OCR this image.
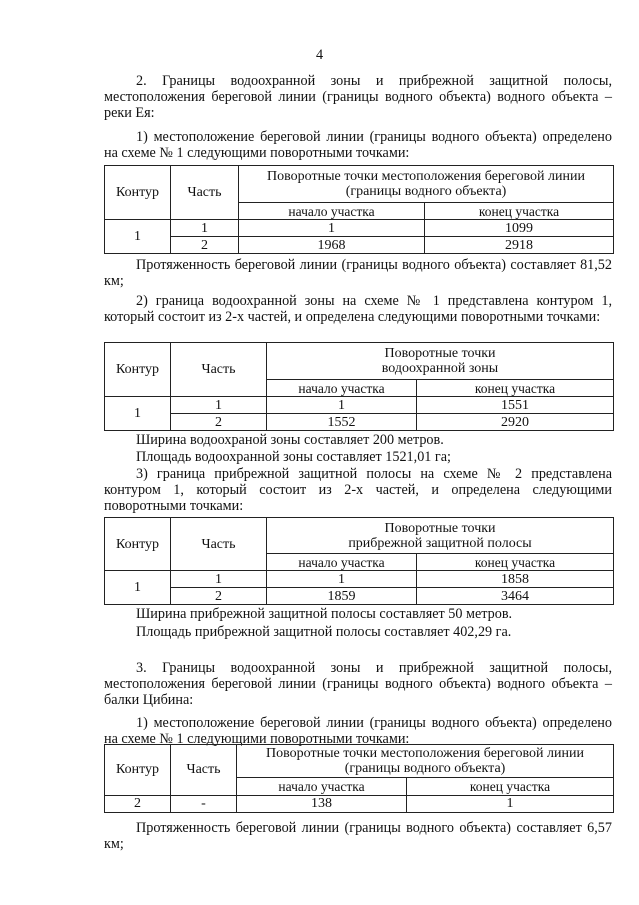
4

2. Границы водоохранной зоны и прибрежной защитной полосы, местоположения береговой линии (границы водного объекта) водного объекта – реки Ея:

1) местоположение береговой линии (границы водного объекта) определено на схеме № 1 следующими поворотными точками:

Контур	Часть	Поворотные точки местоположения береговой линии (границы водного объекта)	
		начало участка	конец участка
1	1	1	1099
	2	1968	2918

Протяженность береговой линии (границы водного объекта) составляет 81,52 км;

2) граница водоохранной зоны на схеме № 1 представлена контуром 1, который состоит из 2-х частей, и определена следующими поворотными точками:

Контур	Часть	Поворотные точки
водоохранной зоны	
		начало участка	конец участка
1	1	1	1551
	2	1552	2920

Ширина водоохраной зоны составляет 200 метров.

Площадь водоохранной зоны составляет 1521,01 га;

3) граница прибрежной защитной полосы на схеме № 2 представлена контуром 1, который состоит из 2-х частей, и определена следующими поворотными точками:

Контур	Часть	Поворотные точки
прибрежной защитной полосы	
		начало участка	конец участка
1	1	1	1858
	2	1859	3464

Ширина прибрежной защитной полосы составляет 50 метров.

Площадь прибрежной защитной полосы составляет 402,29 га.

3. Границы водоохранной зоны и прибрежной защитной полосы, местоположения береговой линии (границы водного объекта) водного объекта – балки Цибина:

1) местоположение береговой линии (границы водного объекта) определено на схеме № 1 следующими поворотными точками:

Контур	Часть	Поворотные точки местоположения береговой линии (границы водного объекта)	
		начало участка	конец участка
2	-	138	1

Протяженность береговой линии (границы водного объекта) составляет 6,57 км;
